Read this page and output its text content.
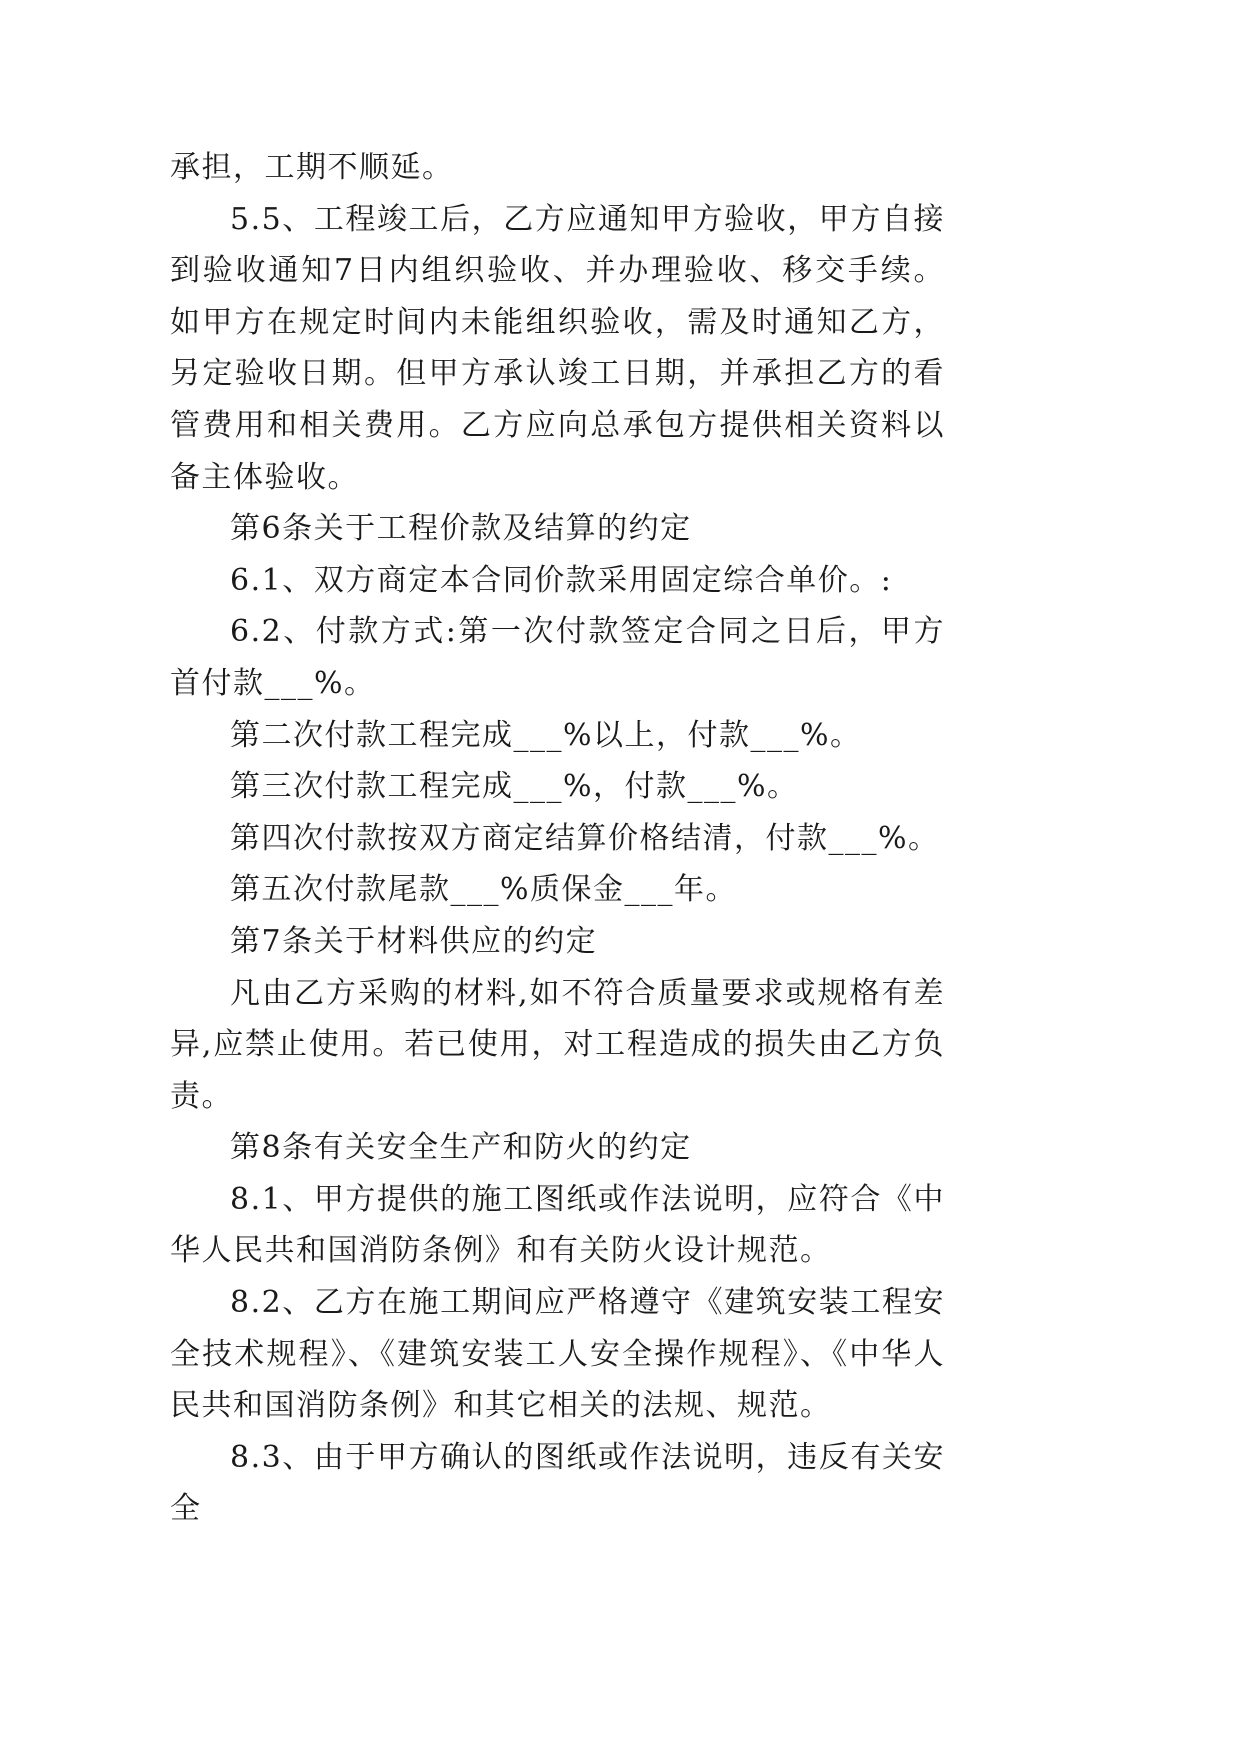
承担，工期不顺延。

5.5、工程竣工后，乙方应通知甲方验收，甲方自接到验收通知7日内组织验收、并办理验收、移交手续。如甲方在规定时间内未能组织验收，需及时通知乙方，另定验收日期。但甲方承认竣工日期，并承担乙方的看管费用和相关费用。乙方应向总承包方提供相关资料以备主体验收。

第6条关于工程价款及结算的约定

6.1、双方商定本合同价款采用固定综合单价。:

6.2、付款方式:第一次付款签定合同之日后，甲方首付款___%。

第二次付款工程完成___%以上，付款___%。

第三次付款工程完成___%，付款___%。

第四次付款按双方商定结算价格结清，付款___%。

第五次付款尾款___%质保金___年。

第7条关于材料供应的约定

凡由乙方采购的材料,如不符合质量要求或规格有差异,应禁止使用。若已使用，对工程造成的损失由乙方负责。

第8条有关安全生产和防火的约定

8.1、甲方提供的施工图纸或作法说明，应符合《中华人民共和国消防条例》和有关防火设计规范。

8.2、乙方在施工期间应严格遵守《建筑安装工程安全技术规程》、《建筑安装工人安全操作规程》、《中华人民共和国消防条例》和其它相关的法规、规范。

8.3、由于甲方确认的图纸或作法说明，违反有关安全
